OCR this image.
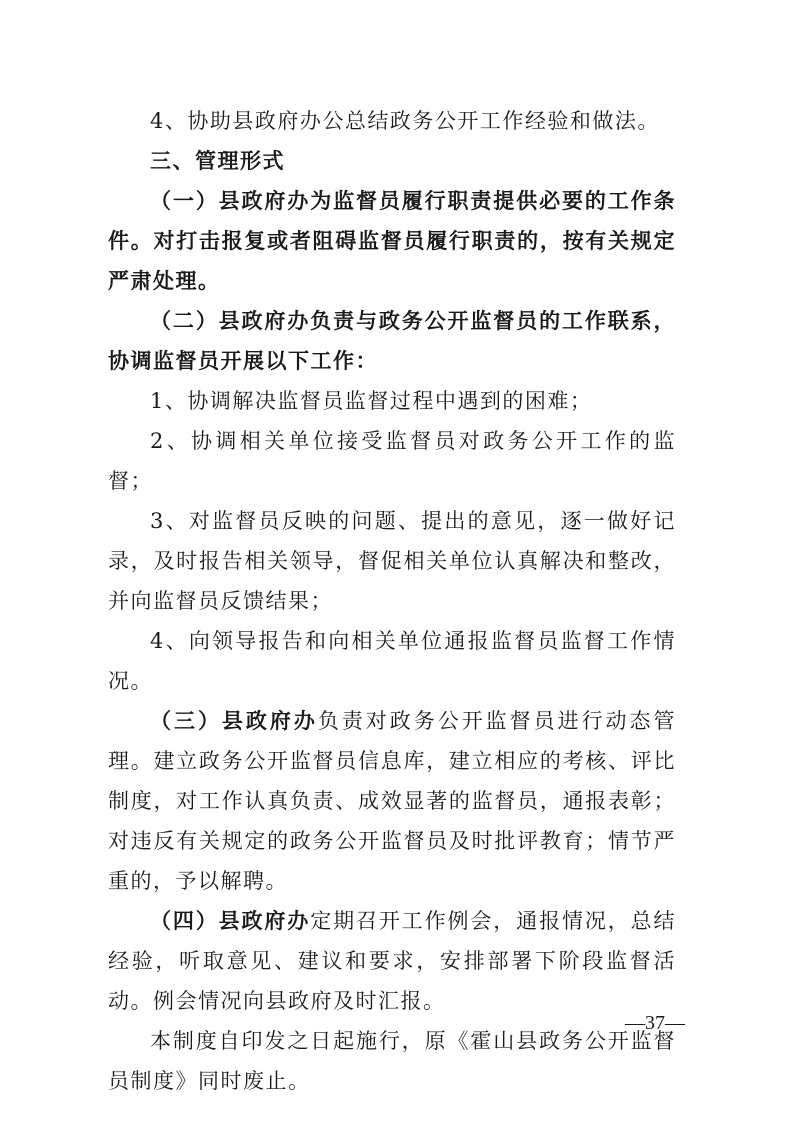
4、协助县政府办公总结政务公开工作经验和做法。

三、管理形式

（一）县政府办为监督员履行职责提供必要的工作条件。对打击报复或者阻碍监督员履行职责的，按有关规定严肃处理。

（二）县政府办负责与政务公开监督员的工作联系，协调监督员开展以下工作：

1、协调解决监督员监督过程中遇到的困难；

2、协调相关单位接受监督员对政务公开工作的监督；

3、对监督员反映的问题、提出的意见，逐一做好记录，及时报告相关领导，督促相关单位认真解决和整改，并向监督员反馈结果；

4、向领导报告和向相关单位通报监督员监督工作情况。

（三）县政府办负责对政务公开监督员进行动态管理。建立政务公开监督员信息库，建立相应的考核、评比制度，对工作认真负责、成效显著的监督员，通报表彰；对违反有关规定的政务公开监督员及时批评教育；情节严重的，予以解聘。

（四）县政府办定期召开工作例会，通报情况，总结经验，听取意见、建议和要求，安排部署下阶段监督活动。例会情况向县政府及时汇报。

本制度自印发之日起施行，原《霍山县政务公开监督员制度》同时废止。

—37—
